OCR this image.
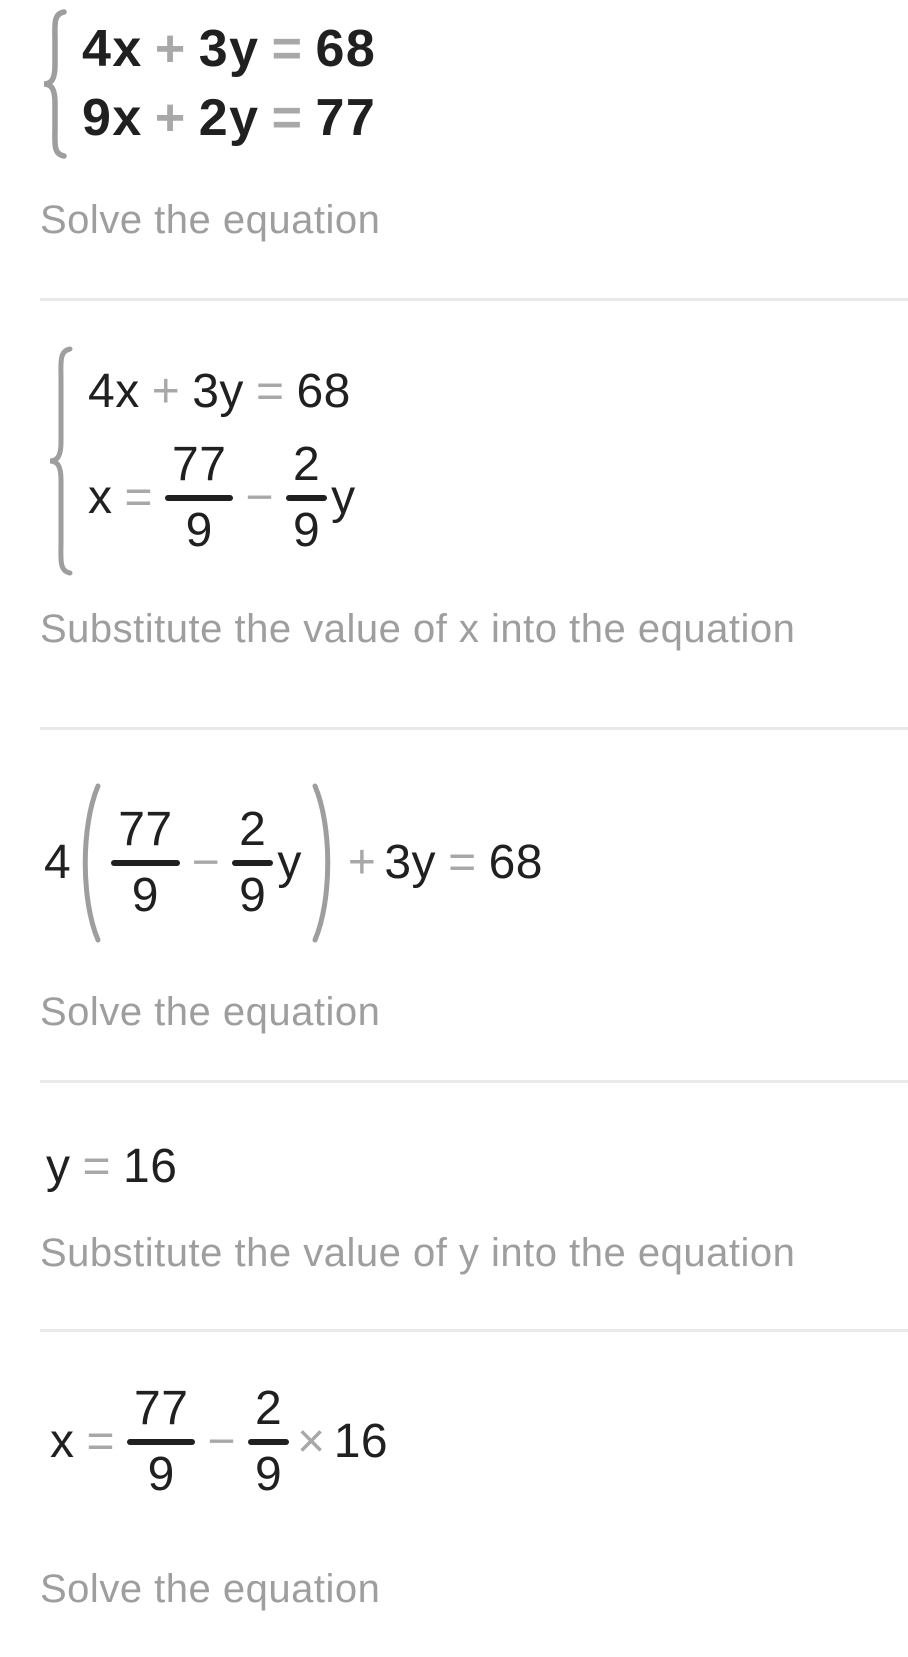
4x + 3y = 68
9x + 2y = 77
Solve the equation
4x + 3y = 68
x =
77
9
−
2
9
y
Substitute the value of x into the equation
4
77
9
−
2
9
y + 3y = 68
Solve the equation
y = 16
Substitute the value of y into the equation
x =
77
9
−
2
9
× 16
Solve the equation
